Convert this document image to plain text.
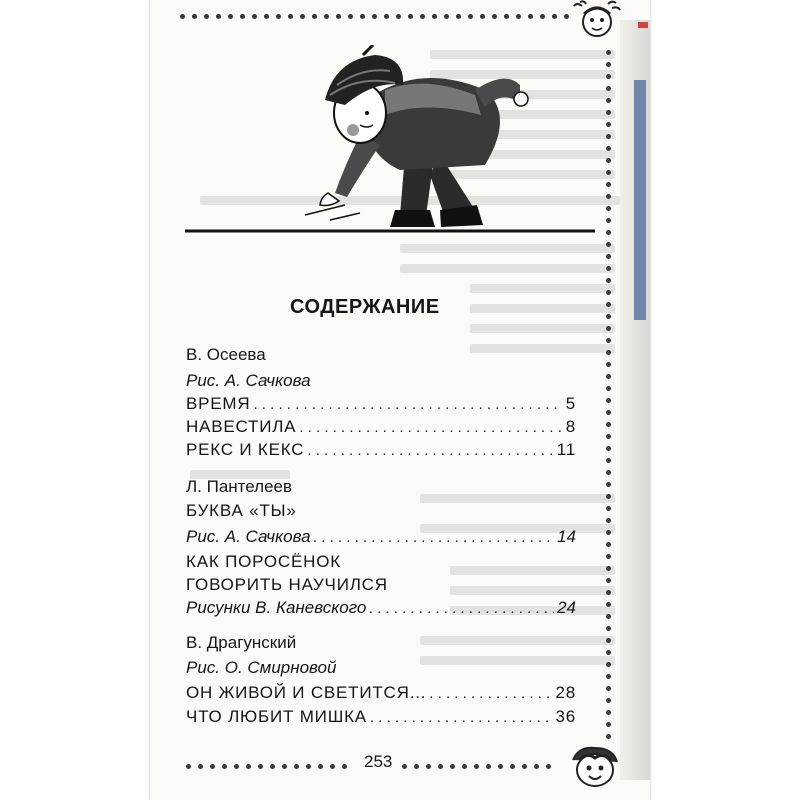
СОДЕРЖАНИЕ
В. Осеева
Рис. А. Сачкова
ВРЕМЯ . . .	5
НАВЕСТИЛА . . .	8
РЕКС И КЕКС . . .	11
Л. Пантелеев
БУКВА «ТЫ»
Рис. А. Сачкова . . .	14
КАК ПОРОСЁНОК
ГОВОРИТЬ НАУЧИЛСЯ
Рисунки В. Каневского . . .	24
В. Драгунский
Рис. О. Смирновой
ОН ЖИВОЙ И СВЕТИТСЯ... . . .	28
ЧТО ЛЮБИТ МИШКА . . .	36
253
